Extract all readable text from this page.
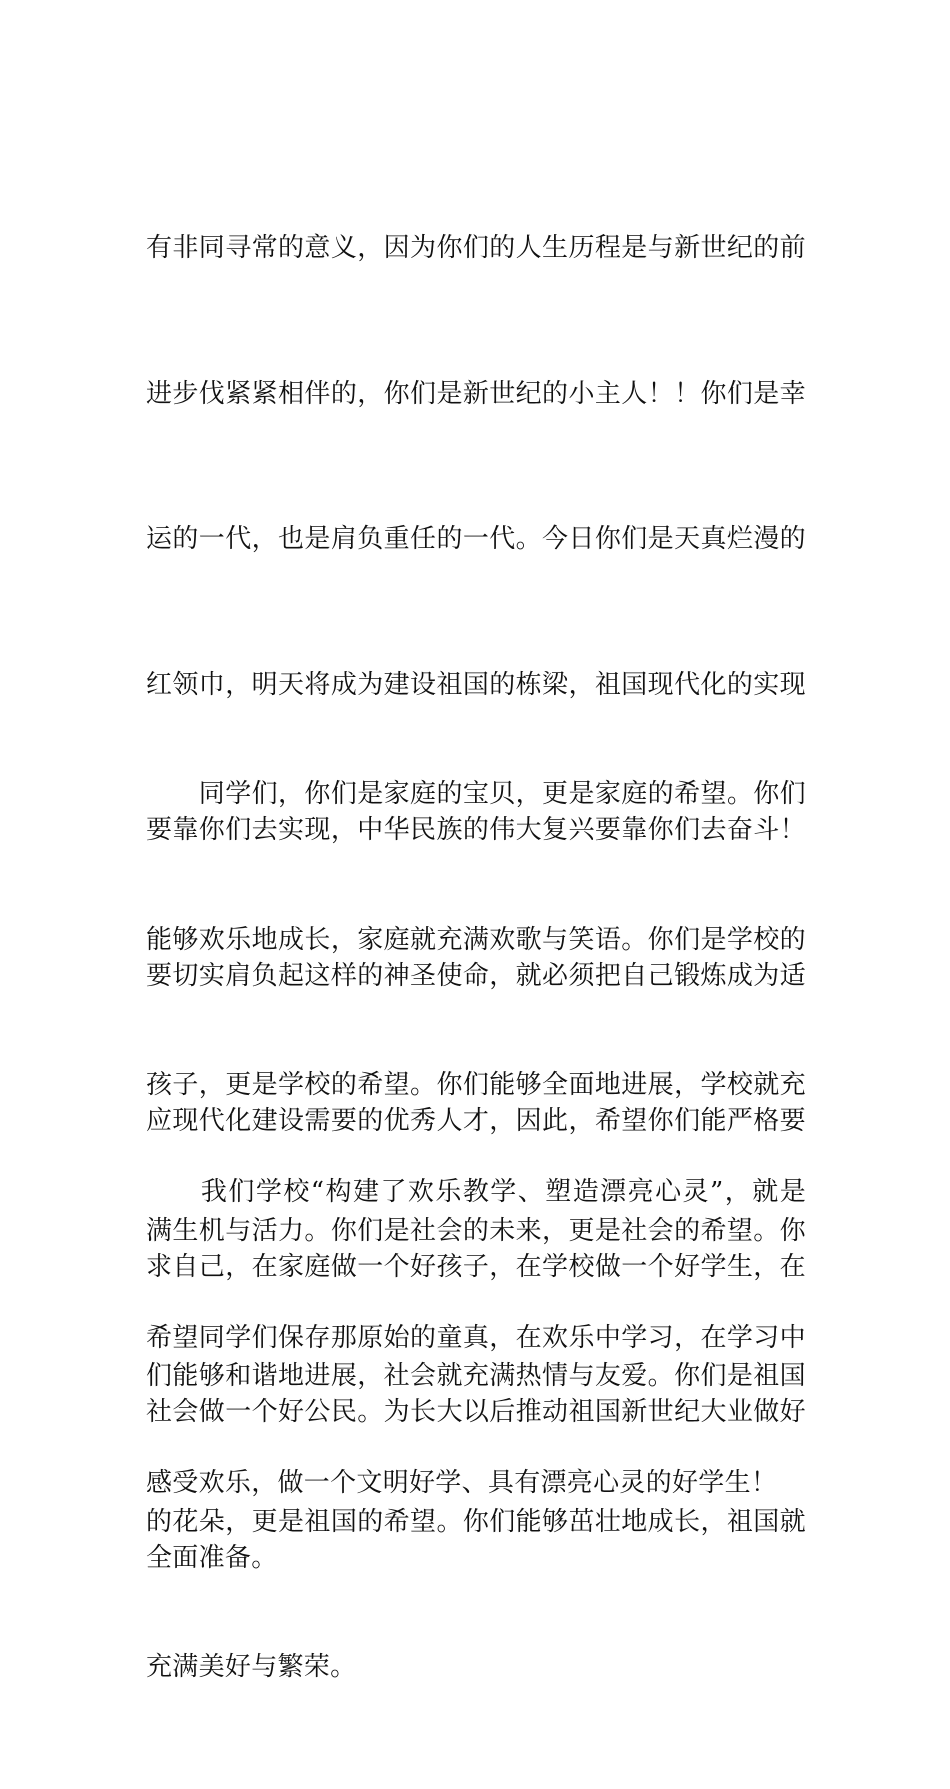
有非同寻常的意义，因为你们的人生历程是与新世纪的前

进步伐紧紧相伴的，你们是新世纪的小主人！！你们是幸

运的一代，也是肩负重任的一代。今日你们是天真烂漫的

红领巾，明天将成为建设祖国的栋梁，祖国现代化的实现

要靠你们去实现，中华民族的伟大复兴要靠你们去奋斗！

要切实肩负起这样的神圣使命，就必须把自己锻炼成为适

应现代化建设需要的优秀人才，因此，希望你们能严格要

求自己，在家庭做一个好孩子，在学校做一个好学生，在

社会做一个好公民。为长大以后推动祖国新世纪大业做好

全面准备。

　　同学们，你们是家庭的宝贝，更是家庭的希望。你们

能够欢乐地成长，家庭就充满欢歌与笑语。你们是学校的

孩子，更是学校的希望。你们能够全面地进展，学校就充

满生机与活力。你们是社会的未来，更是社会的希望。你

们能够和谐地进展，社会就充满热情与友爱。你们是祖国

的花朵，更是祖国的希望。你们能够茁壮地成长，祖国就

充满美好与繁荣。

　　我们学校“构建了欢乐教学、塑造漂亮心灵”，就是

希望同学们保存那原始的童真，在欢乐中学习，在学习中

感受欢乐，做一个文明好学、具有漂亮心灵的好学生！
